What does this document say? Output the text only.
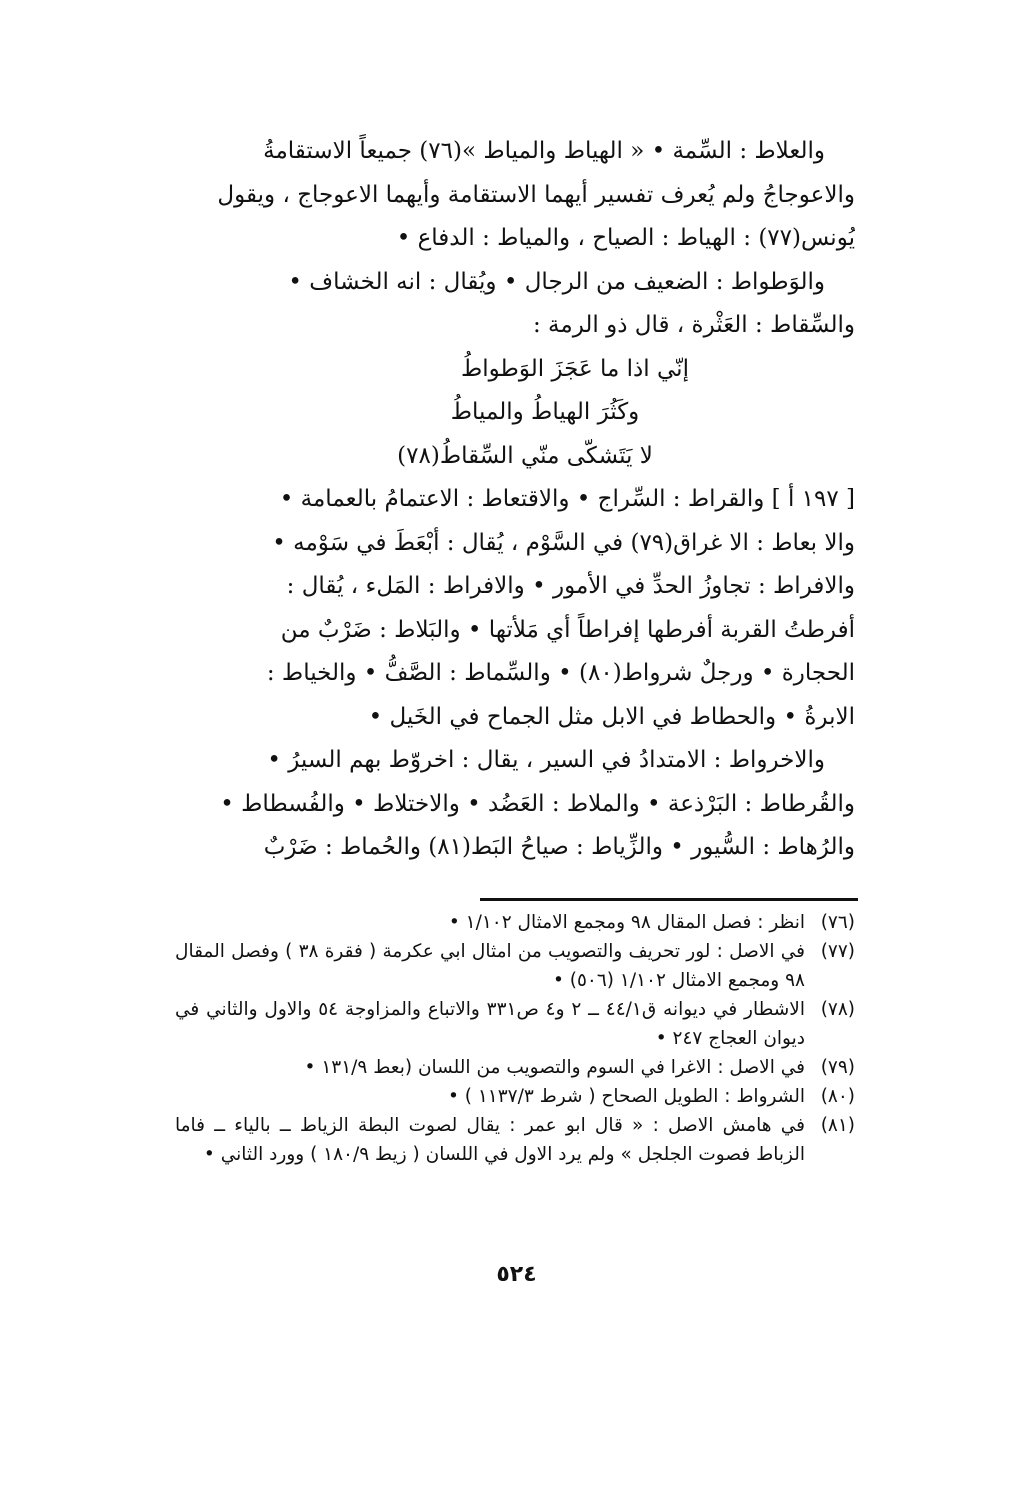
والعلاط : السِّمة • « الهياط والمياط »(٧٦) جميعاً الاستقامةُ
والاعوجاجُ ولم يُعرف تفسير أيهما الاستقامة وأيهما الاعوجاج ، ويقول
يُونس(٧٧) : الهياط : الصياح ، والمياط : الدفاع •
والوَطواط : الضعيف من الرجال • ويُقال : انه الخشاف •
والسِّقاط : العَثْرة ، قال ذو الرمة :
إنّي اذا ما عَجَزَ الوَطواطُ
وكَثُرَ الهياطُ والمياطُ
لا يَتَشكّى منّي السِّقاطُ(٧٨)
[ ١٩٧ أ ] والقراط : السِّراج • والاقتعاط : الاعتمامُ بالعمامة •
والا بعاط : الا غراق(٧٩) في السَّوْم ، يُقال : أبْعَطَ في سَوْمه •
والافراط : تجاوزُ الحدِّ في الأمور • والافراط : المَلء ، يُقال :
أفرطتُ القربة أفرطها إفراطاً أي مَلأتها • والبَلاط : ضَرْبٌ من
الحجارة • ورجلٌ شرواط(٨٠) • والسِّماط : الصَّفُّ • والخياط :
الابرةُ • والحطاط في الابل مثل الجماح في الخَيل •
والاخرواط : الامتدادُ في السير ، يقال : اخروّط بهم السيرُ •
والقُرطاط : البَرْذعة • والملاط : العَضُد • والاختلاط • والفُسطاط •
والرُهاط : السُّيور • والزِّياط : صياحُ البَط(٨١) والحُماط : ضَرْبٌ
(٧٦)
انظر : فصل المقال ٩٨ ومجمع الامثال ١/١٠٢ •
(٧٧)
في الاصل : لور تحريف والتصويب من امثال ابي عكرمة ( فقرة ٣٨ ) وفصل المقال ٩٨ ومجمع الامثال ١/١٠٢ (٥٠٦) •
(٧٨)
الاشطار في ديوانه ق٤٤/١ ــ ٢ و٤ ص٣٣١ والاتباع والمزاوجة ٥٤ والاول والثاني في ديوان العجاج ٢٤٧ •
(٧٩)
في الاصل : الاغرا في السوم والتصويب من اللسان (بعط ١٣١/٩ •
(٨٠)
الشرواط : الطويل الصحاح ( شرط ١١٣٧/٣ ) •
(٨١)
في هامش الاصل : « قال ابو عمر : يقال لصوت البطة الزياط ــ بالياء ــ فاما الزباط فصوت الجلجل » ولم يرد الاول في اللسان ( زيط ١٨٠/٩ ) وورد الثاني •
٥٢٤
